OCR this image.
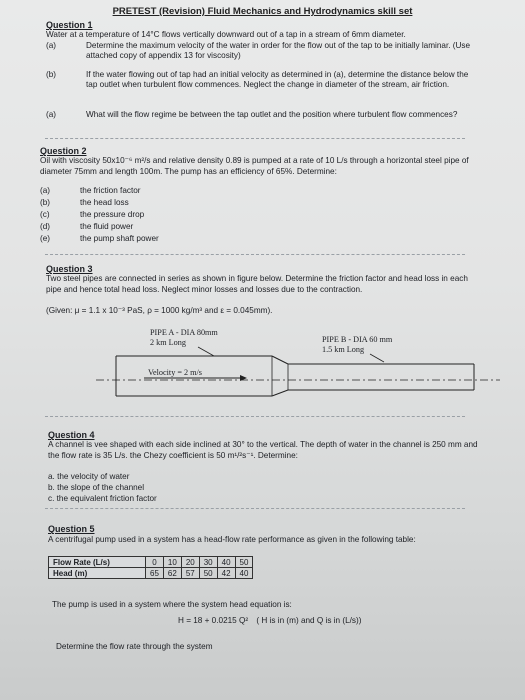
PRETEST (Revision) Fluid Mechanics and Hydrodynamics skill set
Question 1
Water at a temperature of 14°C flows vertically downward out of a tap in a stream of 6mm diameter.
(a)	Determine the maximum velocity of the water in order for the flow out of the tap to be initially laminar. (Use attached copy of appendix 13 for viscosity)
(b)	If the water flowing out of tap had an initial velocity as determined in (a), determine the distance below the tap outlet when turbulent flow commences. Neglect the change in diameter of the stream, air friction.
(a)	What will the flow regime be between the tap outlet and the position where turbulent flow commences?
Question 2
Oil with viscosity 50x10⁻⁶ m²/s and relative density 0.89 is pumped at a rate of 10 L/s through a horizontal steel pipe of diameter 75mm and length 100m. The pump has an efficiency of 65%. Determine:
(a)	the friction factor
(b)	the head loss
(c)	the pressure drop
(d)	the fluid power
(e)	the pump shaft power
Question 3
Two steel pipes are connected in series as shown in figure below. Determine the friction factor and head loss in each pipe and hence total head loss. Neglect minor losses and losses due to the contraction.
(Given: μ = 1.1 x 10⁻³ PaS, ρ = 1000 kg/m³ and ε = 0.045mm).
PIPE A - DIA 80mm
2 km Long	PIPE B - DIA 60 mm
1.5 km Long
Velocity = 2 m/s
Question 4
A channel is vee shaped with each side inclined at 30° to the vertical. The depth of water in the channel is 250 mm and the flow rate is 35 L/s. the Chezy coefficient is 50 m¹/²s⁻¹. Determine:
a. the velocity of water
b. the slope of the channel
c. the equivalent friction factor
Question 5
A centrifugal pump used in a system has a head-flow rate performance as given in the following table:
Flow Rate (L/s)	0	10	20	30	40	50
Head (m)	65	62	57	50	42	40
The pump is used in a system where the system head equation is:
H = 18 + 0.0215 Q² ( H is in (m) and Q is in (L/s))
Determine the flow rate through the system
